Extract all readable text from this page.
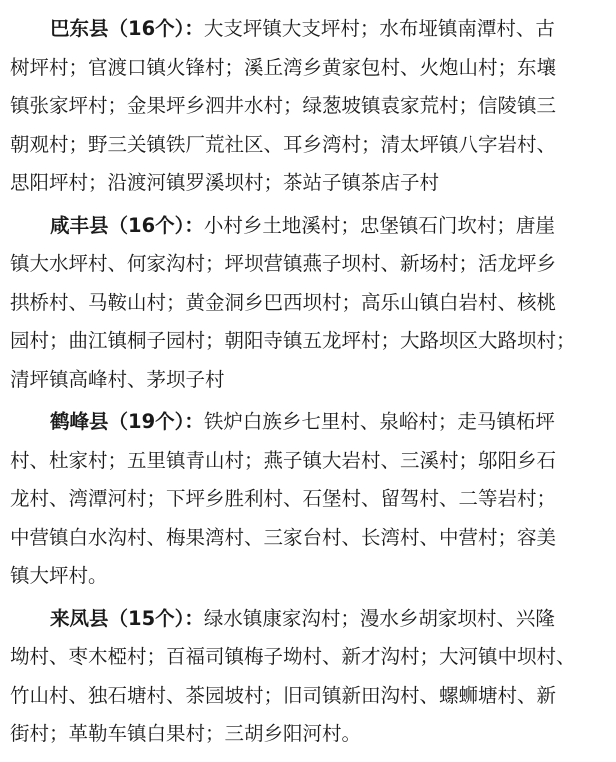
巴东县（16个）：大支坪镇大支坪村；水布垭镇南潭村、古
树坪村；官渡口镇火锋村；溪丘湾乡黄家包村、火炮山村；东壤
镇张家坪村；金果坪乡泗井水村；绿葱坡镇袁家荒村；信陵镇三
朝观村；野三关镇铁厂荒社区、耳乡湾村；清太坪镇八字岩村、
思阳坪村；沿渡河镇罗溪坝村；茶站子镇茶店子村
咸丰县（16个）：小村乡土地溪村；忠堡镇石门坎村；唐崖
镇大水坪村、何家沟村；坪坝营镇燕子坝村、新场村；活龙坪乡
拱桥村、马鞍山村；黄金洞乡巴西坝村；高乐山镇白岩村、核桃
园村；曲江镇桐子园村；朝阳寺镇五龙坪村；大路坝区大路坝村；
清坪镇高峰村、茅坝子村
鹤峰县（19个）：铁炉白族乡七里村、泉峪村；走马镇柘坪
村、杜家村；五里镇青山村；燕子镇大岩村、三溪村；邬阳乡石
龙村、湾潭河村；下坪乡胜利村、石堡村、留驾村、二等岩村；
中营镇白水沟村、梅果湾村、三家台村、长湾村、中营村；容美
镇大坪村。
来凤县（15个）：绿水镇康家沟村；漫水乡胡家坝村、兴隆
坳村、枣木椏村；百福司镇梅子坳村、新才沟村；大河镇中坝村、
竹山村、独石塘村、茶园坡村；旧司镇新田沟村、螺蛳塘村、新
街村；革勒车镇白果村；三胡乡阳河村。
